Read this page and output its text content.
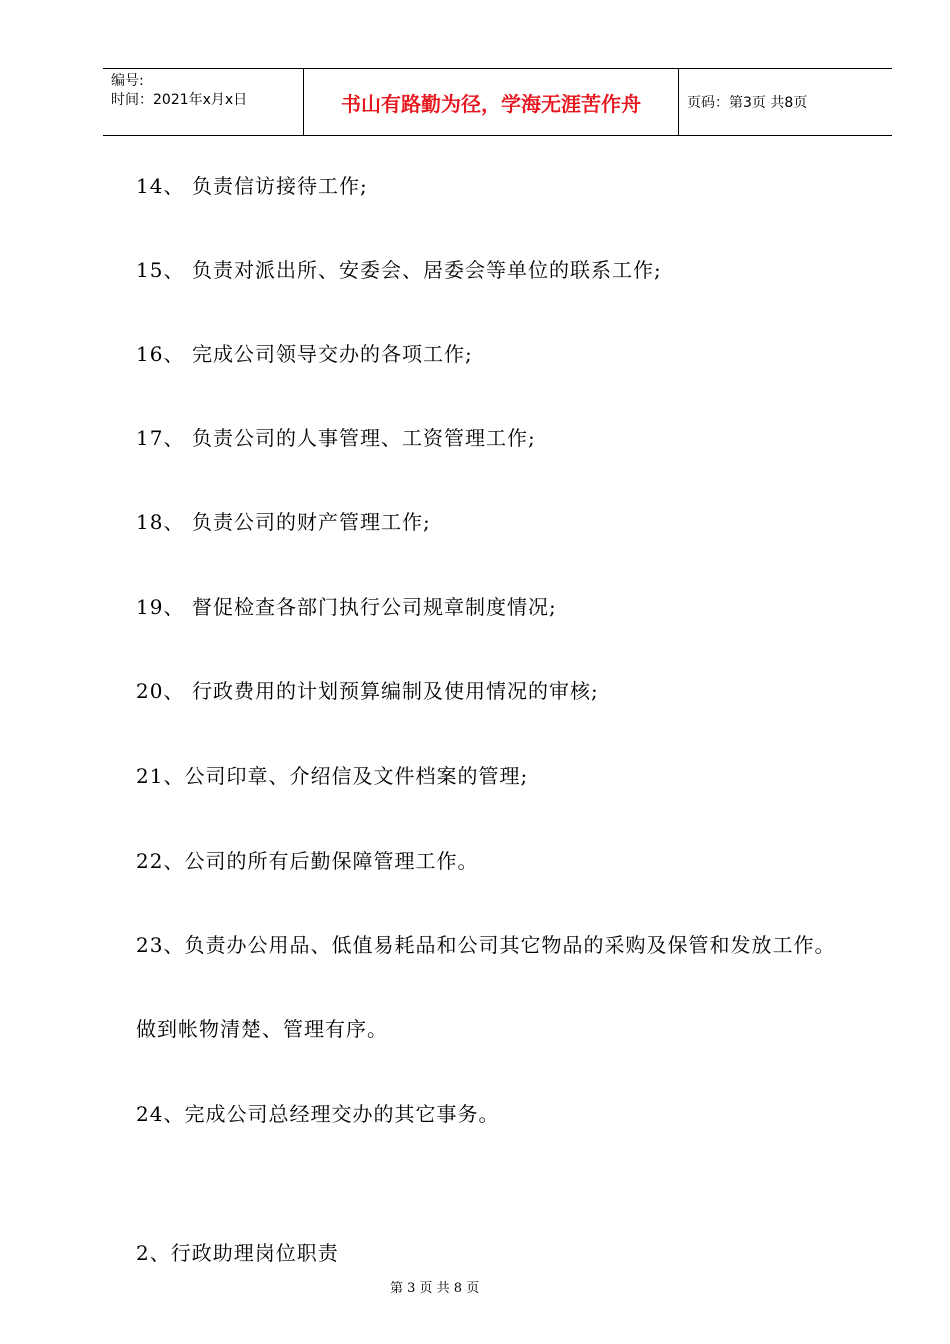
编号:
时间：2021年x月x日	书山有路勤为径，学海无涯苦作舟	页码：第3页 共8页
14、 负责信访接待工作;
15、 负责对派出所、安委会、居委会等单位的联系工作;
16、 完成公司领导交办的各项工作;
17、 负责公司的人事管理、工资管理工作;
18、 负责公司的财产管理工作;
19、 督促检查各部门执行公司规章制度情况;
20、 行政费用的计划预算编制及使用情况的审核;
21、公司印章、介绍信及文件档案的管理;
22、公司的所有后勤保障管理工作。
23、负责办公用品、低值易耗品和公司其它物品的采购及保管和发放工作。
做到帐物清楚、管理有序。
24、完成公司总经理交办的其它事务。
2、行政助理岗位职责
第 3 页 共 8 页
